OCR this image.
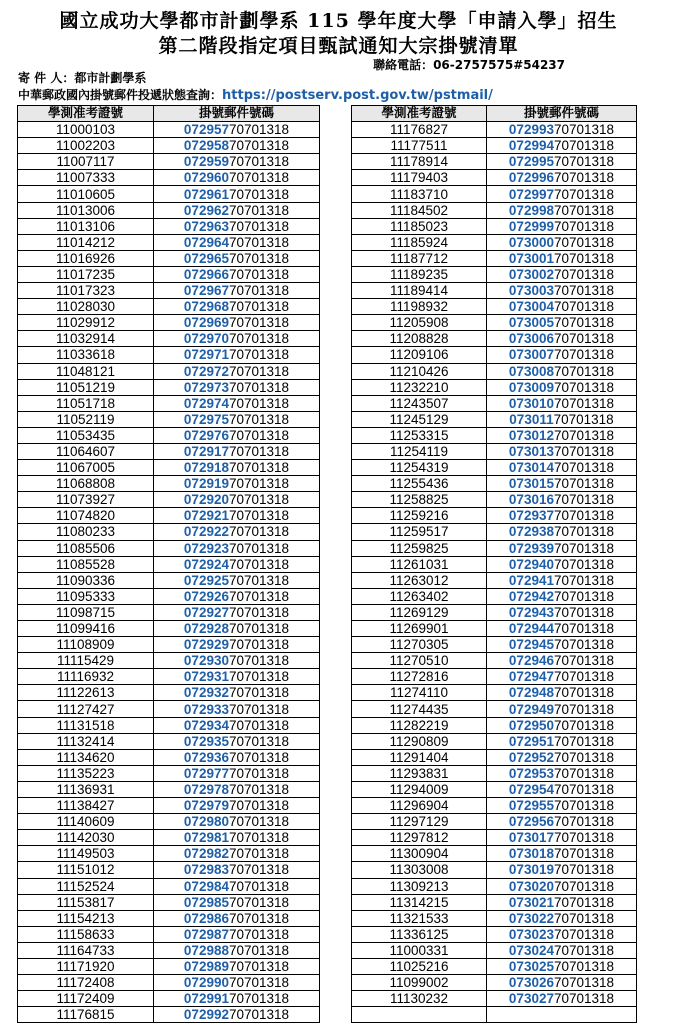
國立成功大學都市計劃學系 115 學年度大學「申請入學」招生
第二階段指定項目甄試通知大宗掛號清單
聯絡電話：06-2757575#54237
寄 件 人：都市計劃學系
中華郵政國內掛號郵件投遞狀態查詢：https://postserv.post.gov.tw/pstmail/
學測准考證號	掛號郵件號碼
11000103	07295770701318
11002203	07295870701318
11007117	07295970701318
11007333	07296070701318
11010605	07296170701318
11013006	07296270701318
11013106	07296370701318
11014212	07296470701318
11016926	07296570701318
11017235	07296670701318
11017323	07296770701318
11028030	07296870701318
11029912	07296970701318
11032914	07297070701318
11033618	07297170701318
11048121	07297270701318
11051219	07297370701318
11051718	07297470701318
11052119	07297570701318
11053435	07297670701318
11064607	07291770701318
11067005	07291870701318
11068808	07291970701318
11073927	07292070701318
11074820	07292170701318
11080233	07292270701318
11085506	07292370701318
11085528	07292470701318
11090336	07292570701318
11095333	07292670701318
11098715	07292770701318
11099416	07292870701318
11108909	07292970701318
11115429	07293070701318
11116932	07293170701318
11122613	07293270701318
11127427	07293370701318
11131518	07293470701318
11132414	07293570701318
11134620	07293670701318
11135223	07297770701318
11136931	07297870701318
11138427	07297970701318
11140609	07298070701318
11142030	07298170701318
11149503	07298270701318
11151012	07298370701318
11152524	07298470701318
11153817	07298570701318
11154213	07298670701318
11158633	07298770701318
11164733	07298870701318
11171920	07298970701318
11172408	07299070701318
11172409	07299170701318
11176815	07299270701318
學測准考證號	掛號郵件號碼
11176827	07299370701318
11177511	07299470701318
11178914	07299570701318
11179403	07299670701318
11183710	07299770701318
11184502	07299870701318
11185023	07299970701318
11185924	07300070701318
11187712	07300170701318
11189235	07300270701318
11189414	07300370701318
11198932	07300470701318
11205908	07300570701318
11208828	07300670701318
11209106	07300770701318
11210426	07300870701318
11232210	07300970701318
11243507	07301070701318
11245129	07301170701318
11253315	07301270701318
11254119	07301370701318
11254319	07301470701318
11255436	07301570701318
11258825	07301670701318
11259216	07293770701318
11259517	07293870701318
11259825	07293970701318
11261031	07294070701318
11263012	07294170701318
11263402	07294270701318
11269129	07294370701318
11269901	07294470701318
11270305	07294570701318
11270510	07294670701318
11272816	07294770701318
11274110	07294870701318
11274435	07294970701318
11282219	07295070701318
11290809	07295170701318
11291404	07295270701318
11293831	07295370701318
11294009	07295470701318
11296904	07295570701318
11297129	07295670701318
11297812	07301770701318
11300904	07301870701318
11303008	07301970701318
11309213	07302070701318
11314215	07302170701318
11321533	07302270701318
11336125	07302370701318
11000331	07302470701318
11025216	07302570701318
11099002	07302670701318
11130232	07302770701318
